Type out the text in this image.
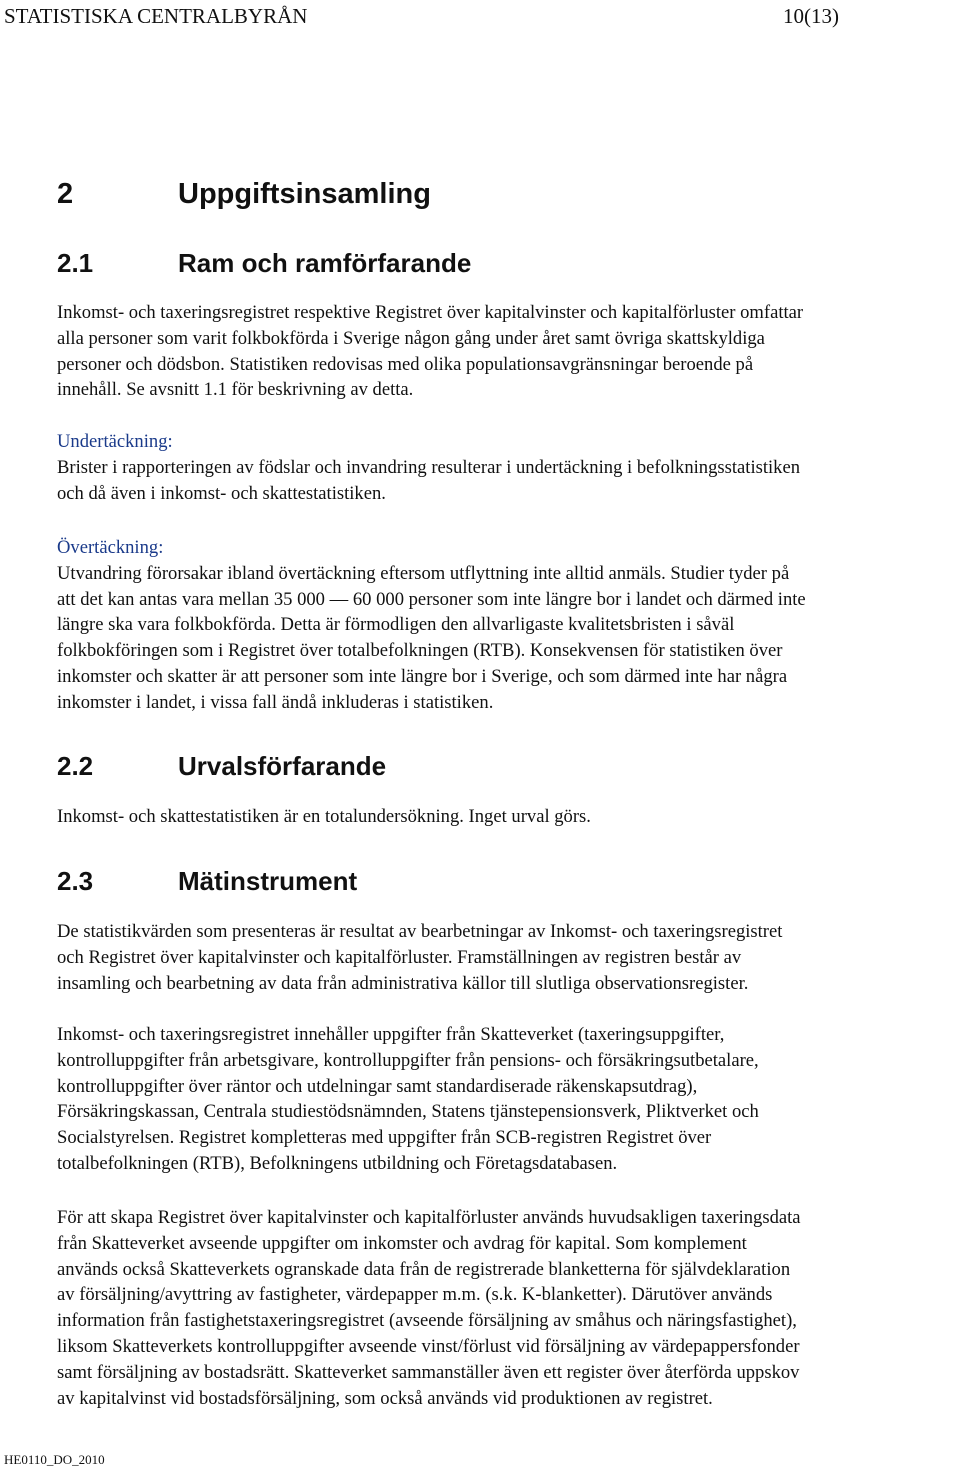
STATISTISKA CENTRALBYRÅN	10(13)
2	Uppgiftsinsamling
2.1	Ram och ramförfarande
Inkomst- och taxeringsregistret respektive Registret över kapitalvinster och kapitalförluster omfattar
alla personer som varit folkbokförda i Sverige någon gång under året samt övriga skattskyldiga
personer och dödsbon. Statistiken redovisas med olika populationsavgränsningar beroende på
innehåll. Se avsnitt 1.1 för beskrivning av detta.
Undertäckning:
Brister i rapporteringen av födslar och invandring resulterar i undertäckning i befolkningsstatistiken
och då även i inkomst- och skattestatistiken.
Övertäckning:
Utvandring förorsakar ibland övertäckning eftersom utflyttning inte alltid anmäls. Studier tyder på
att det kan antas vara mellan 35 000 — 60 000 personer som inte längre bor i landet och därmed inte
längre ska vara folkbokförda. Detta är förmodligen den allvarligaste kvalitetsbristen i såväl
folkbokföringen som i Registret över totalbefolkningen (RTB). Konsekvensen för statistiken över
inkomster och skatter är att personer som inte längre bor i Sverige, och som därmed inte har några
inkomster i landet, i vissa fall ändå inkluderas i statistiken.
2.2	Urvalsförfarande
Inkomst- och skattestatistiken är en totalundersökning. Inget urval görs.
2.3	Mätinstrument
De statistikvärden som presenteras är resultat av bearbetningar av Inkomst- och taxeringsregistret
och Registret över kapitalvinster och kapitalförluster. Framställningen av registren består av
insamling och bearbetning av data från administrativa källor till slutliga observationsregister.
Inkomst- och taxeringsregistret innehåller uppgifter från Skatteverket (taxeringsuppgifter,
kontrolluppgifter från arbetsgivare, kontrolluppgifter från pensions- och försäkringsutbetalare,
kontrolluppgifter över räntor och utdelningar samt standardiserade räkenskapsutdrag),
Försäkringskassan, Centrala studiestödsnämnden, Statens tjänstepensionsverk, Pliktverket och
Socialstyrelsen. Registret kompletteras med uppgifter från SCB-registren Registret över
totalbefolkningen (RTB), Befolkningens utbildning och Företagsdatabasen.
För att skapa Registret över kapitalvinster och kapitalförluster används huvudsakligen taxeringsdata
från Skatteverket avseende uppgifter om inkomster och avdrag för kapital. Som komplement
används också Skatteverkets ogranskade data från de registrerade blanketterna för självdeklaration
av försäljning/avyttring av fastigheter, värdepapper m.m. (s.k. K-blanketter). Därutöver används
information från fastighetstaxeringsregistret (avseende försäljning av småhus och näringsfastighet),
liksom Skatteverkets kontrolluppgifter avseende vinst/förlust vid försäljning av värdepappersfonder
samt försäljning av bostadsrätt. Skatteverket sammanställer även ett register över återförda uppskov
av kapitalvinst vid bostadsförsäljning, som också används vid produktionen av registret.
HE0110_DO_2010
